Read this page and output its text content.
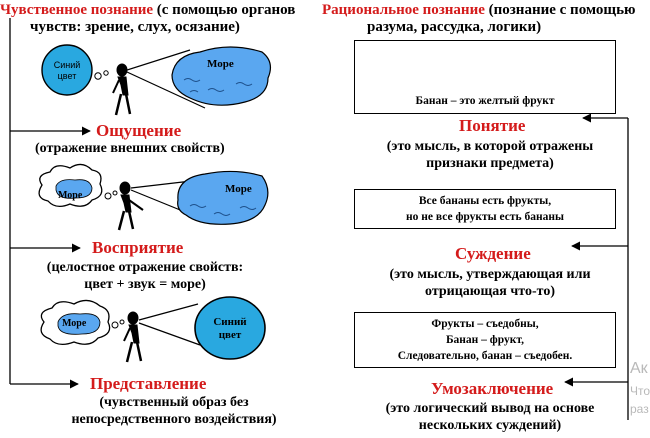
Чувственное познание (с помощью органов
чувств: зрение, слух, осязание)
Рациональное познание (познание с помощью
разума, рассудка, логики)
Синий
цвет
Море
Море
Море
Море	Синий
цвет
Ощущение
(отражение внешних свойств)
Восприятие
(целостное отражение свойств:
цвет + звук = море)
Представление
(чувственный образ без
непосредственного воздействия)
Банан – это желтый фрукт
Понятие
(это мысль, в которой отражены
признаки предмета)
Все бананы есть фрукты,
но не все фрукты есть бананы
Суждение
(это мысль, утверждающая или
отрицающая что-то)
Фрукты – съедобны,
Банан – фрукт,
Следовательно, банан – съедобен.
Умозаключение
(это логический вывод на основе
нескольких суждений)
Ак
Что
раз
